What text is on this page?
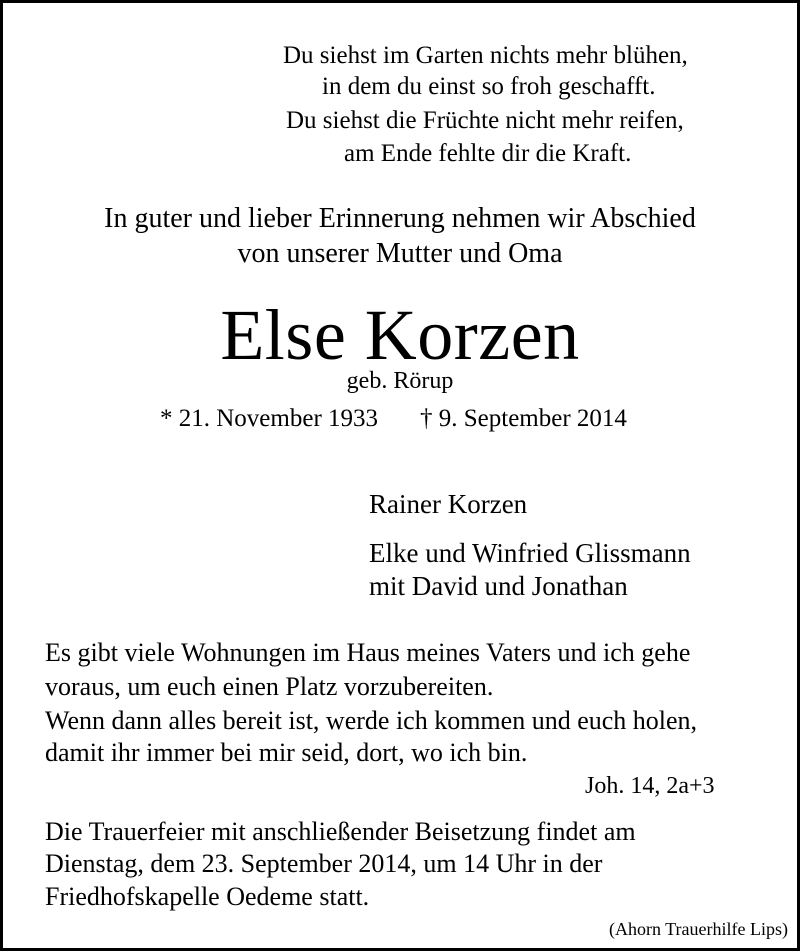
Du siehst im Garten nichts mehr blühen,
in dem du einst so froh geschafft.
Du siehst die Früchte nicht mehr reifen,
am Ende fehlte dir die Kraft.
In guter und lieber Erinnerung nehmen wir Abschied
von unserer Mutter und Oma
Else Korzen
geb. Rörup
* 21. November 1933 † 9. September 2014
Rainer Korzen
Elke und Winfried Glissmann
mit David und Jonathan
Es gibt viele Wohnungen im Haus meines Vaters und ich gehe
voraus, um euch einen Platz vorzubereiten.
Wenn dann alles bereit ist, werde ich kommen und euch holen,
damit ihr immer bei mir seid, dort, wo ich bin.
Joh. 14, 2a+3
Die Trauerfeier mit anschließender Beisetzung findet am
Dienstag, dem 23. September 2014, um 14 Uhr in der
Friedhofskapelle Oedeme statt.
(Ahorn Trauerhilfe Lips)
